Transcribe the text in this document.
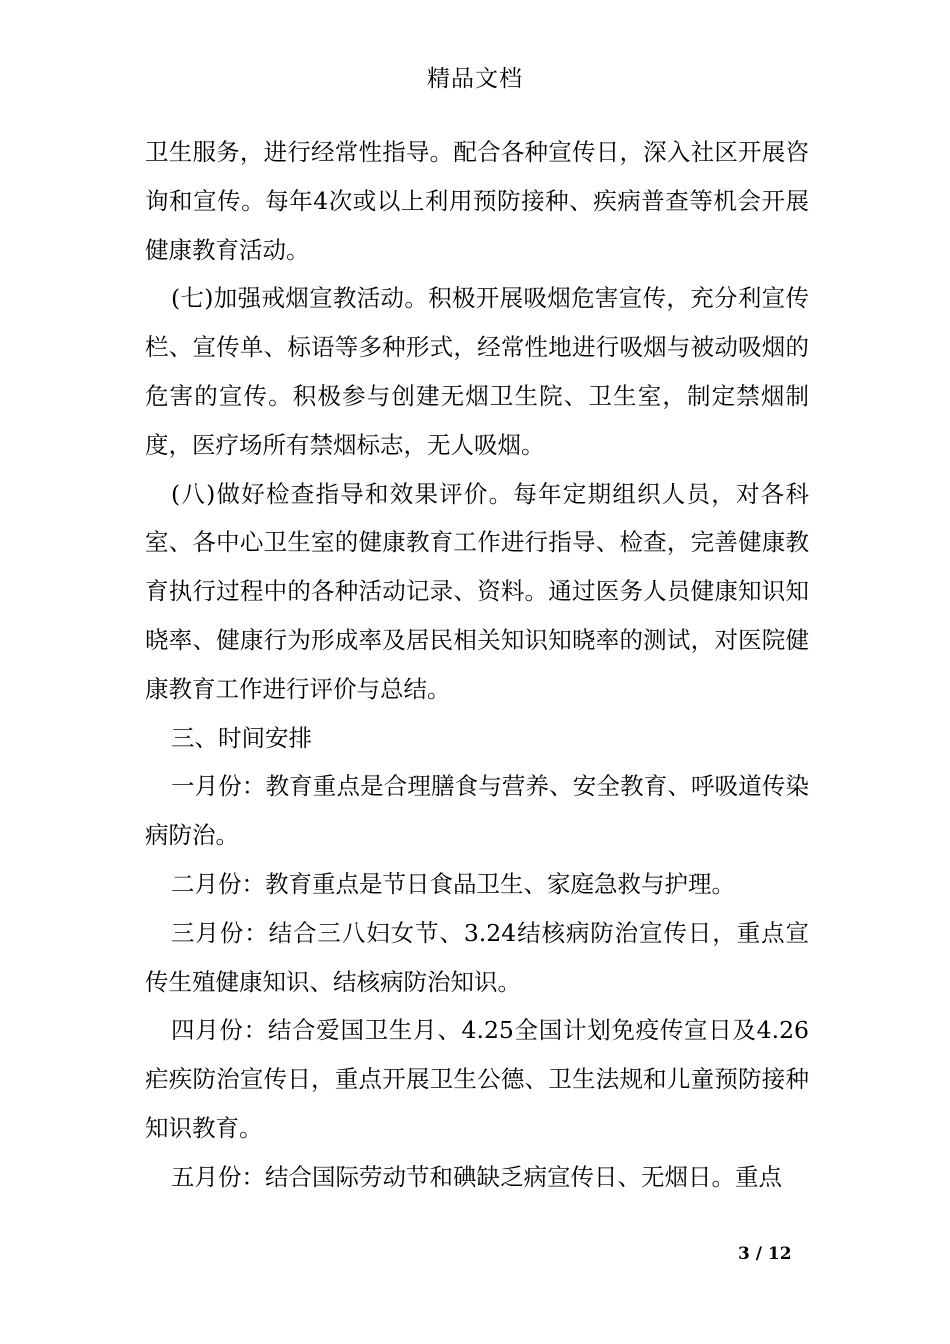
精品文档

卫生服务，进行经常性指导。配合各种宣传日，深入社区开展咨询和宣传。每年4次或以上利用预防接种、疾病普查等机会开展健康教育活动。

(七)加强戒烟宣教活动。积极开展吸烟危害宣传，充分利宣传栏、宣传单、标语等多种形式，经常性地进行吸烟与被动吸烟的危害的宣传。积极参与创建无烟卫生院、卫生室，制定禁烟制度，医疗场所有禁烟标志，无人吸烟。

(八)做好检查指导和效果评价。每年定期组织人员，对各科室、各中心卫生室的健康教育工作进行指导、检查，完善健康教育执行过程中的各种活动记录、资料。通过医务人员健康知识知晓率、健康行为形成率及居民相关知识知晓率的测试，对医院健康教育工作进行评价与总结。

三、时间安排

一月份：教育重点是合理膳食与营养、安全教育、呼吸道传染病防治。

二月份：教育重点是节日食品卫生、家庭急救与护理。

三月份：结合三八妇女节、3.24结核病防治宣传日，重点宣传生殖健康知识、结核病防治知识。

四月份：结合爱国卫生月、4.25全国计划免疫传宣日及4.26疟疾防治宣传日，重点开展卫生公德、卫生法规和儿童预防接种知识教育。

五月份：结合国际劳动节和碘缺乏病宣传日、无烟日。重点

3 / 12
